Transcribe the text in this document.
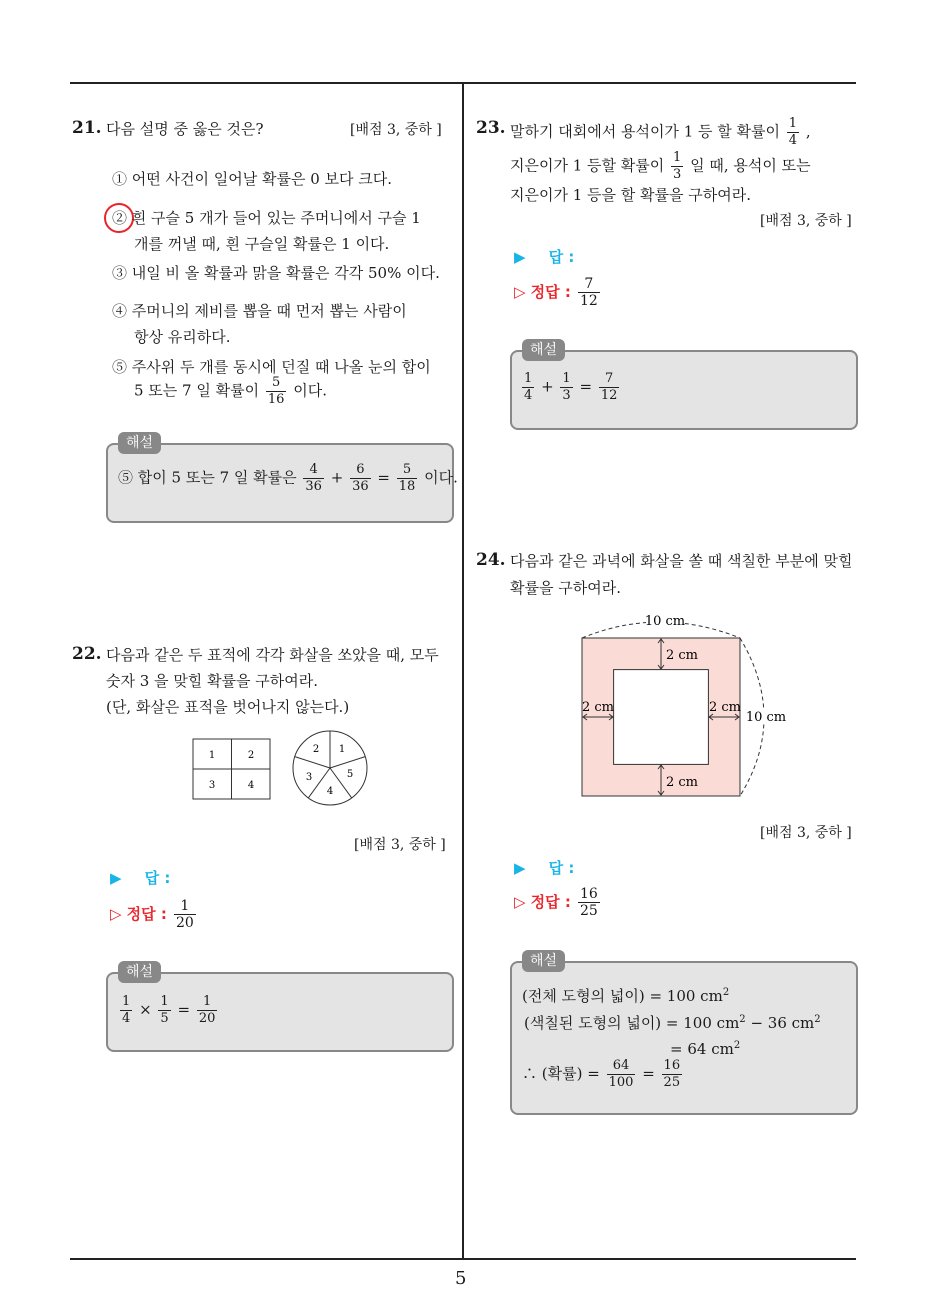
5
21. 다음 설명 중 옳은 것은?	[배점 3, 중하 ]
① 어떤 사건이 일어날 확률은 0 보다 크다.
② 흰 구슬 5 개가 들어 있는 주머니에서 구슬 1
개를 꺼낼 때, 흰 구슬일 확률은 1 이다.
③ 내일 비 올 확률과 맑을 확률은 각각 50% 이다.
④ 주머니의 제비를 뽑을 때 먼저 뽑는 사람이
항상 유리하다.
⑤ 주사위 두 개를 동시에 던질 때 나올 눈의 합이
5 또는 7 일 확률이 $\frac{5}{16}$ 이다.
해설
⑤ 합이 5 또는 7 일 확률은 $\frac{4}{36} + \frac{6}{36} = \frac{5}{18}$ 이다.
22. 다음과 같은 두 표적에 각각 화살을 쏘았을 때, 모두
숫자 3 을 맞힐 확률을 구하여라.
(단, 화살은 표적을 벗어나지 않는다.)
1	2
3	4
1
5
4
3
2
[배점 3, 중하 ]
▶ 답 :
▷ 정답 : $\frac{1}{20}$
해설
$\frac{1}{4} \times \frac{1}{5} = \frac{1}{20}$
23. 말하기 대회에서 용석이가 1 등 할 확률이 $\frac{1}{4}$ ,
지은이가 1 등할 확률이 $\frac{1}{3}$ 일 때, 용석이 또는
지은이가 1 등을 할 확률을 구하여라.
[배점 3, 중하 ]
▶ 답 :
▷ 정답 : $\frac{7}{12}$
해설
$\frac{1}{4} + \frac{1}{3} = \frac{7}{12}$
24. 다음과 같은 과녁에 화살을 쏠 때 색칠한 부분에 맞힐
확률을 구하여라.
10 cm
10 cm
2 cm
2 cm
2 cm	2 cm
[배점 3, 중하 ]
▶ 답 :
▷ 정답 : $\frac{16}{25}$
해설
(전체 도형의 넓이) = 100 $cm^2$
(색칠된 도형의 넓이) = 100 $cm^2 - 36$ $cm^2$
= 64 $cm^2$
∴ (확률) = $\frac{64}{100} = \frac{16}{25}$
